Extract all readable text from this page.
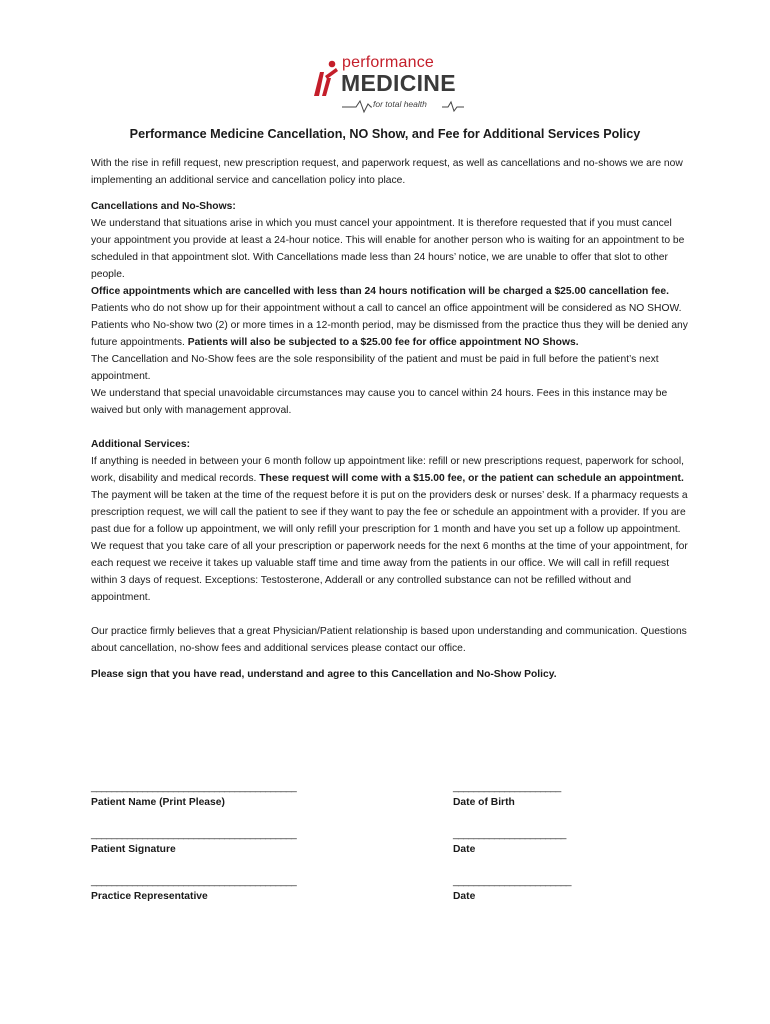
performance
MEDICINE
for total health
Performance Medicine Cancellation, NO Show, and Fee for Additional Services Policy

With the rise in refill request, new prescription request, and paperwork request, as well as cancellations and no-shows we are now implementing an additional service and cancellation policy into place.

Cancellations and No-Shows:

We understand that situations arise in which you must cancel your appointment. It is therefore requested that if you must cancel your appointment you provide at least a 24-hour notice. This will enable for another person who is waiting for an appointment to be scheduled in that appointment slot. With Cancellations made less than 24 hours’ notice, we are unable to offer that slot to other people.

Office appointments which are cancelled with less than 24 hours notification will be charged a $25.00 cancellation fee.

Patients who do not show up for their appointment without a call to cancel an office appointment will be considered as NO SHOW. Patients who No-show two (2) or more times in a 12-month period, may be dismissed from the practice thus they will be denied any future appointments. Patients will also be subjected to a $25.00 fee for office appointment NO Shows.

The Cancellation and No-Show fees are the sole responsibility of the patient and must be paid in full before the patient’s next appointment.

We understand that special unavoidable circumstances may cause you to cancel within 24 hours. Fees in this instance may be waived but only with management approval.

Additional Services:

If anything is needed in between your 6 month follow up appointment like: refill or new prescriptions request, paperwork for school, work, disability and medical records. These request will come with a $15.00 fee, or the patient can schedule an appointment. The payment will be taken at the time of the request before it is put on the providers desk or nurses’ desk. If a pharmacy requests a prescription request, we will call the patient to see if they want to pay the fee or schedule an appointment with a provider. If you are past due for a follow up appointment, we will only refill your prescription for 1 month and have you set up a follow up appointment. We request that you take care of all your prescription or paperwork needs for the next 6 months at the time of your appointment, for each request we receive it takes up valuable staff time and time away from the patients in our office. We will call in refill request within 3 days of request. Exceptions: Testosterone, Adderall or any controlled substance can not be refilled without and appointment.

Our practice firmly believes that a great Physician/Patient relationship is based upon understanding and communication. Questions about cancellation, no-show fees and additional services please contact our office.

Please sign that you have read, understand and agree to this Cancellation and No-Show Policy.

________________________________________
Patient Name (Print Please)
_____________________
Date of Birth
________________________________________
Patient Signature
______________________
Date
________________________________________
Practice Representative
_______________________
Date
